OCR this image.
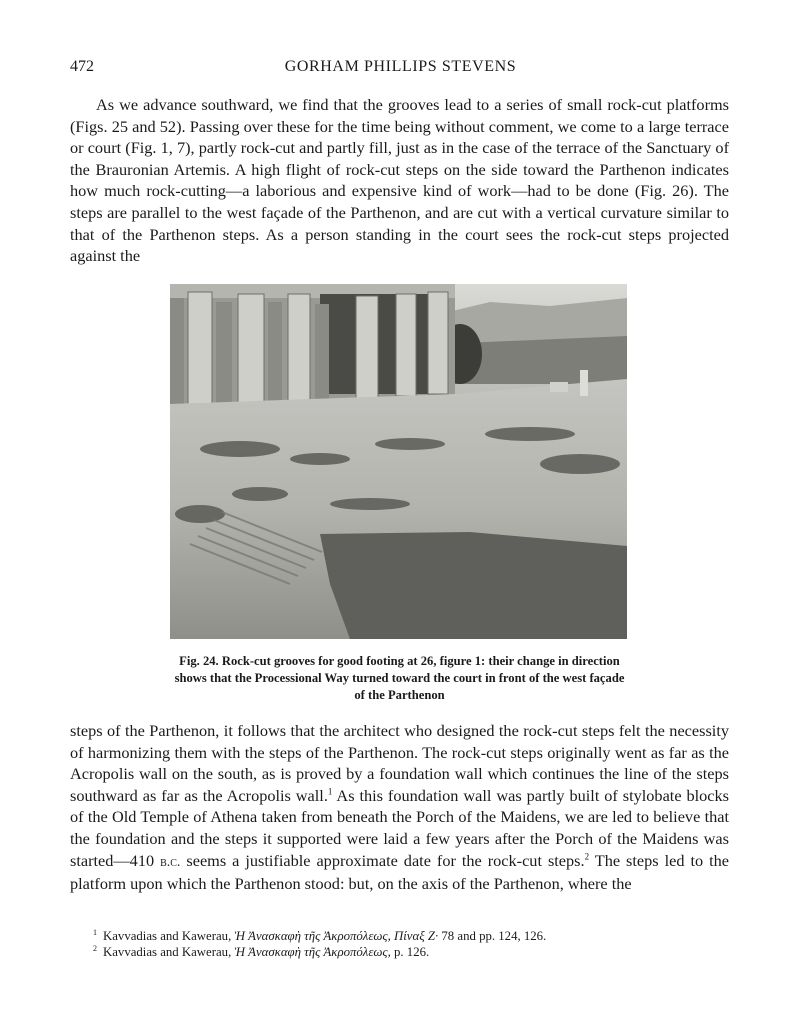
472	GORHAM PHILLIPS STEVENS

As we advance southward, we find that the grooves lead to a series of small rock-cut platforms (Figs. 25 and 52). Passing over these for the time being without comment, we come to a large terrace or court (Fig. 1, 7), partly rock-cut and partly fill, just as in the case of the terrace of the Sanctuary of the Brauronian Artemis. A high flight of rock-cut steps on the side toward the Parthenon indicates how much rock-cutting—a laborious and expensive kind of work—had to be done (Fig. 26). The steps are parallel to the west façade of the Parthenon, and are cut with a vertical curvature similar to that of the Parthenon steps. As a person standing in the court sees the rock-cut steps projected against the

Fig. 24. Rock-cut grooves for good footing at 26, figure 1: their change in direction shows that the Processional Way turned toward the court in front of the west façade of the Parthenon

steps of the Parthenon, it follows that the architect who designed the rock-cut steps felt the necessity of harmonizing them with the steps of the Parthenon. The rock-cut steps originally went as far as the Acropolis wall on the south, as is proved by a foundation wall which continues the line of the steps southward as far as the Acropolis wall.$^1$ As this foundation wall was partly built of stylobate blocks of the Old Temple of Athena taken from beneath the Porch of the Maidens, we are led to believe that the foundation and the steps it supported were laid a few years after the Porch of the Maidens was started—410 b.c. seems a justifiable approximate date for the rock-cut steps.$^2$ The steps led to the platform upon which the Parthenon stood: but, on the axis of the Parthenon, where the

$^1$ Kavvadias and Kawerau, Ἡ Ἀνασκαφὴ τῆς Ἀκροπόλεως, Πίναξ Ζ· 78 and pp. 124, 126.
$^2$ Kavvadias and Kawerau, Ἡ Ἀνασκαφὴ τῆς Ἀκροπόλεως, p. 126.
